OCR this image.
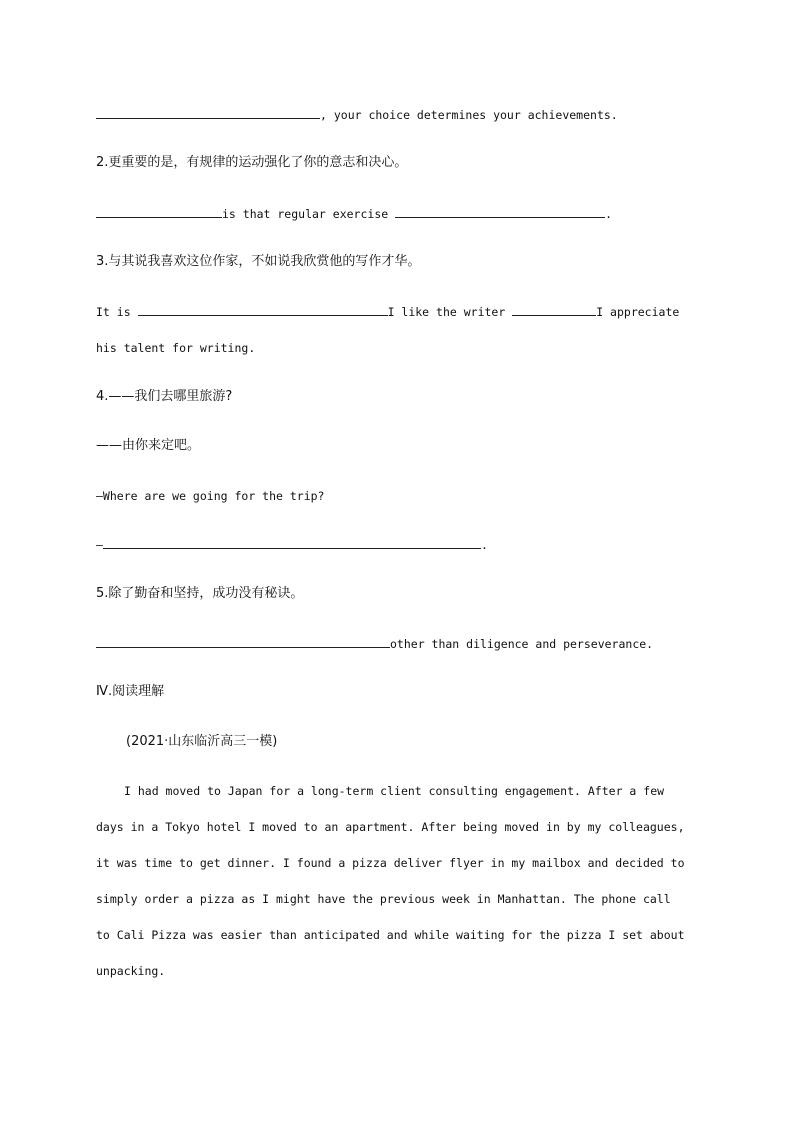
, your choice determines your achievements.
2.更重要的是，有规律的运动强化了你的意志和决心。
is that regular exercise	.
3.与其说我喜欢这位作家，不如说我欣赏他的写作才华。
It is	I like the writer	I appreciate
his talent for writing.
4.——我们去哪里旅游?
——由你来定吧。
—Where are we going for the trip?
—	.
5.除了勤奋和坚持，成功没有秘诀。
other than diligence and perseverance.
Ⅳ.阅读理解
(2021·山东临沂高三一模)
I had moved to Japan for a long-term client consulting engagement. After a few
days in a Tokyo hotel I moved to an apartment. After being moved in by my colleagues,
it was time to get dinner. I found a pizza deliver flyer in my mailbox and decided to
simply order a pizza as I might have the previous week in Manhattan. The phone call
to Cali Pizza was easier than anticipated and while waiting for the pizza I set about
unpacking.
